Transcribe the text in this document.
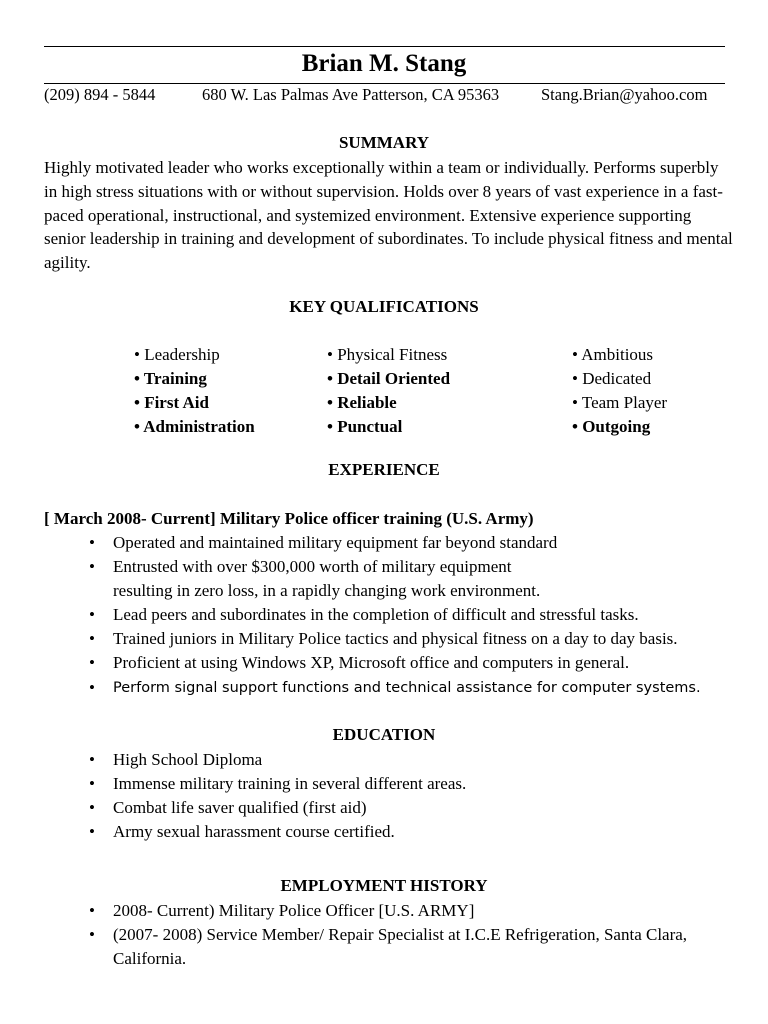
Brian M. Stang
(209) 894 - 5844	680 W. Las Palmas Ave Patterson, CA 95363	Stang.Brian@yahoo.com
SUMMARY
Highly motivated leader who works exceptionally within a team or individually. Performs superbly in high stress situations with or without supervision. Holds over 8 years of vast experience in a fast-paced operational, instructional, and systemized environment. Extensive experience supporting senior leadership in training and development of subordinates. To include physical fitness and mental agility.
KEY QUALIFICATIONS
• Leadership
• Training
• First Aid
• Administration
• Physical Fitness
• Detail Oriented
• Reliable
• Punctual
• Ambitious
• Dedicated
• Team Player
• Outgoing
EXPERIENCE
[ March 2008- Current] Military Police officer training (U.S. Army)
• Operated and maintained military equipment far beyond standard
• Entrusted with over $300,000 worth of military equipment
resulting in zero loss, in a rapidly changing work environment.
• Lead peers and subordinates in the completion of difficult and stressful tasks.
• Trained juniors in Military Police tactics and physical fitness on a day to day basis.
• Proficient at using Windows XP, Microsoft office and computers in general.
• Perform signal support functions and technical assistance for computer systems.
EDUCATION
• High School Diploma
• Immense military training in several different areas.
• Combat life saver qualified (first aid)
• Army sexual harassment course certified.
EMPLOYMENT HISTORY
• 2008- Current) Military Police Officer [U.S. ARMY]
• (2007- 2008) Service Member/ Repair Specialist at I.C.E Refrigeration, Santa Clara, California.
